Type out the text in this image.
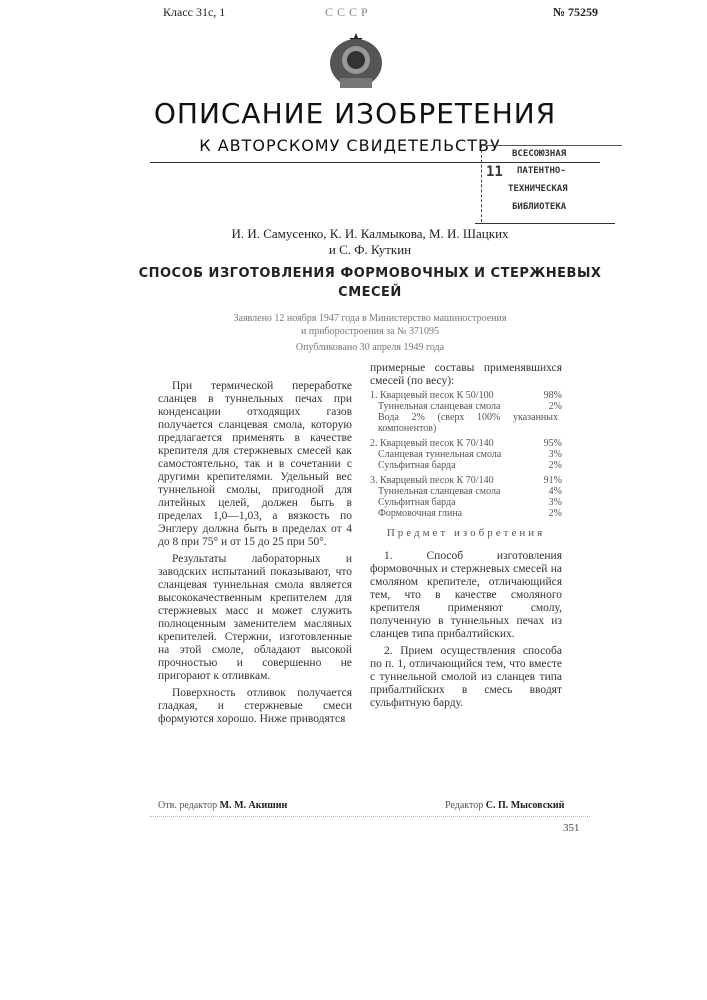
Класс 31с, 1	СССР	№ 75259
ОПИСАНИЕ ИЗОБРЕТЕНИЯ
К АВТОРСКОМУ СВИДЕТЕЛЬСТВУ	ВСЕСОЮЗНАЯ
11 ПАТЕНТНО-
ТЕХНИЧЕСКАЯ
БИБЛИОТЕКА
И. И. Самусенко, К. И. Калмыкова, М. И. Шацких
и С. Ф. Куткин
СПОСОБ ИЗГОТОВЛЕНИЯ ФОРМОВОЧНЫХ И СТЕРЖНЕВЫХ
СМЕСЕЙ
Заявлено 12 ноября 1947 года в Министерство машиностроения
и приборостроения за № 371095
Опубликовано 30 апреля 1949 года

При термической переработке сланцев в туннельных печах при конденсации отходящих газов получается сланцевая смола, которую предлагается применять в качестве крепителя для стержневых смесей как самостоятельно, так и в сочетании с другими крепителями. Удельный вес туннельной смолы, пригодной для литейных целей, должен быть в пределах 1,0—1,03, а вязкость по Энглеру должна быть в пределах от 4 до 8 при 75° и от 15 до 25 при 50°.

Результаты лабораторных и заводских испытаний показывают, что сланцевая туннельная смола является высококачественным крепителем для стержневых масс и может служить полноценным заменителем масляных крепителей. Стержни, изготовленные на этой смоле, обладают высокой прочностью и совершенно не пригорают к отливкам.

Поверхность отливок получается гладкая, и стержневые смеси формуются хорошо. Ниже приводятся

примерные составы применявшихся смесей (по весу):
1. Кварцевый песок К 50/100	98%
Туннельная сланцевая смола	2%
Вода 2% (сверх 100% указанных компонентов)
2. Кварцевый песок К 70/140	95%
Сланцевая туннельная смола	3%
Сульфитная барда	2%
3. Кварцевый песок К 70/140	91%
Туннельная сланцевая смола	4%
Сульфитная барда	3%
Формовочная глина	2%
Предмет изобретения

1. Способ изготовления формовочных и стержневых смесей на смоляном крепителе, отличающийся тем, что в качестве смоляного крепителя применяют смолу, полученную в туннельных печах из сланцев типа прибалтийских.

2. Прием осуществления способа по п. 1, отличающийся тем, что вместе с туннельной смолой из сланцев типа прибалтийских в смесь вводят сульфитную барду.

Отв. редактор М. М. Акишин	Редактор С. П. Мысовский
351
